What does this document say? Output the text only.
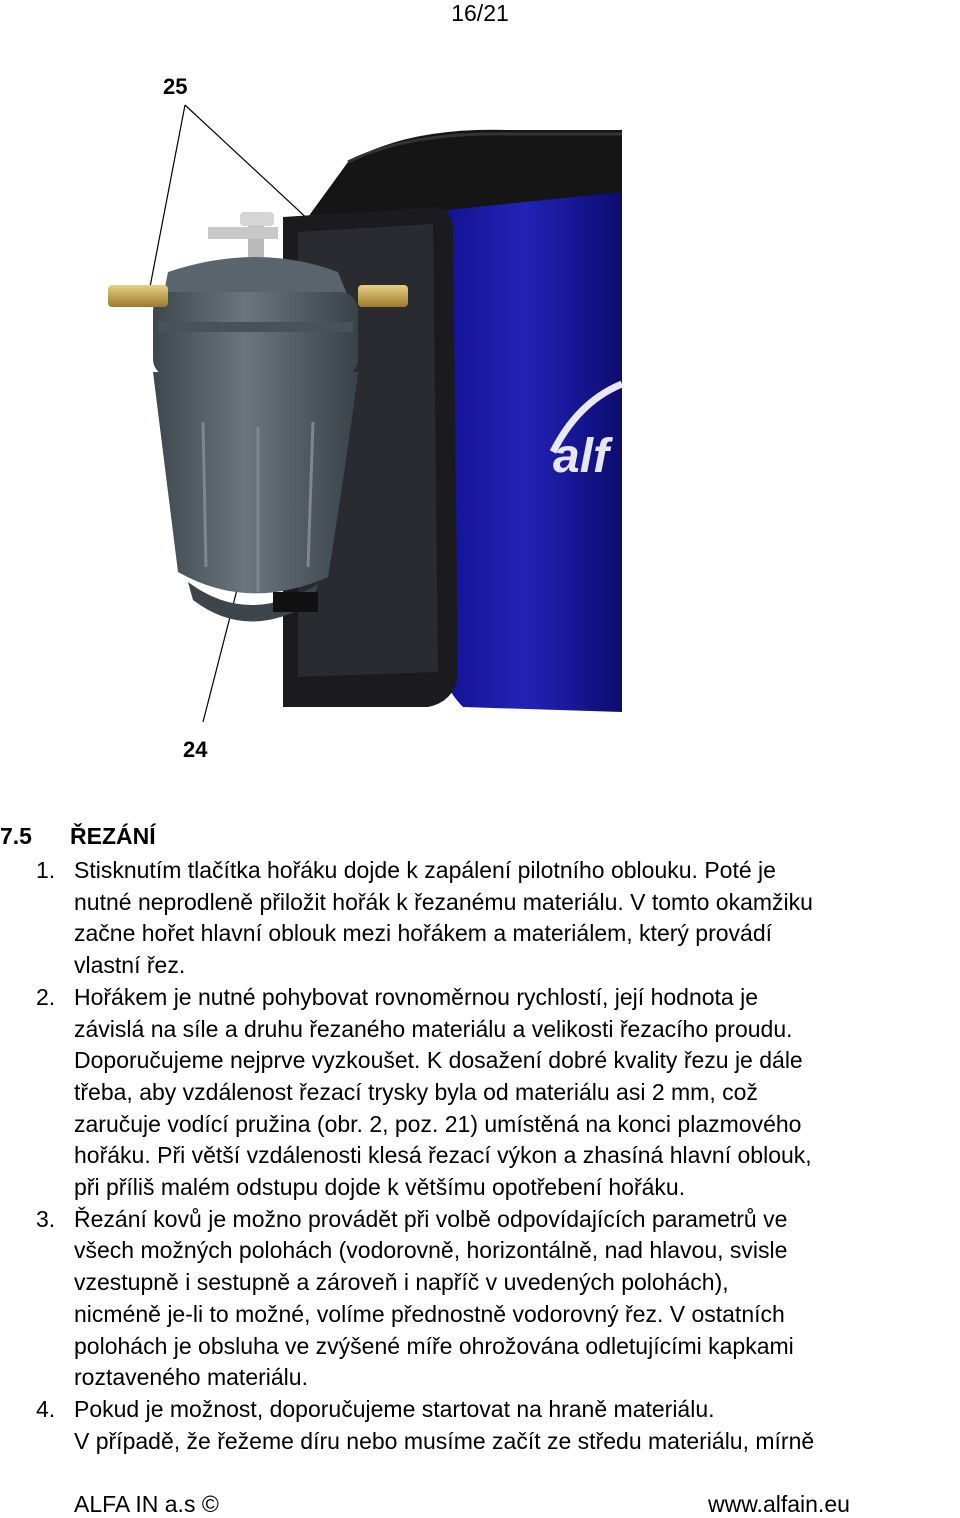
16/21
25
24
alf
7.5 ŘEZÁNÍ
1. Stisknutím tlačítka hořáku dojde k zapálení pilotního oblouku. Poté je
nutné neprodleně přiložit hořák k řezanému materiálu. V tomto okamžiku
začne hořet hlavní oblouk mezi hořákem a materiálem, který provádí
vlastní řez.
2. Hořákem je nutné pohybovat rovnoměrnou rychlostí, její hodnota je
závislá na síle a druhu řezaného materiálu a velikosti řezacího proudu.
Doporučujeme nejprve vyzkoušet. K dosažení dobré kvality řezu je dále
třeba, aby vzdálenost řezací trysky byla od materiálu asi 2 mm, což
zaručuje vodící pružina (obr. 2, poz. 21) umístěná na konci plazmového
hořáku. Při větší vzdálenosti klesá řezací výkon a zhasíná hlavní oblouk,
při příliš malém odstupu dojde k většímu opotřebení hořáku.
3. Řezání kovů je možno provádět při volbě odpovídajících parametrů ve
všech možných polohách (vodorovně, horizontálně, nad hlavou, svisle
vzestupně i sestupně a zároveň i napříč v uvedených polohách),
nicméně je-li to možné, volíme přednostně vodorovný řez. V ostatních
polohách je obsluha ve zvýšené míře ohrožována odletujícími kapkami
roztaveného materiálu.
4. Pokud je možnost, doporučujeme startovat na hraně materiálu.
V případě, že řežeme díru nebo musíme začít ze středu materiálu, mírně
ALFA IN a.s ©	www.alfain.eu
